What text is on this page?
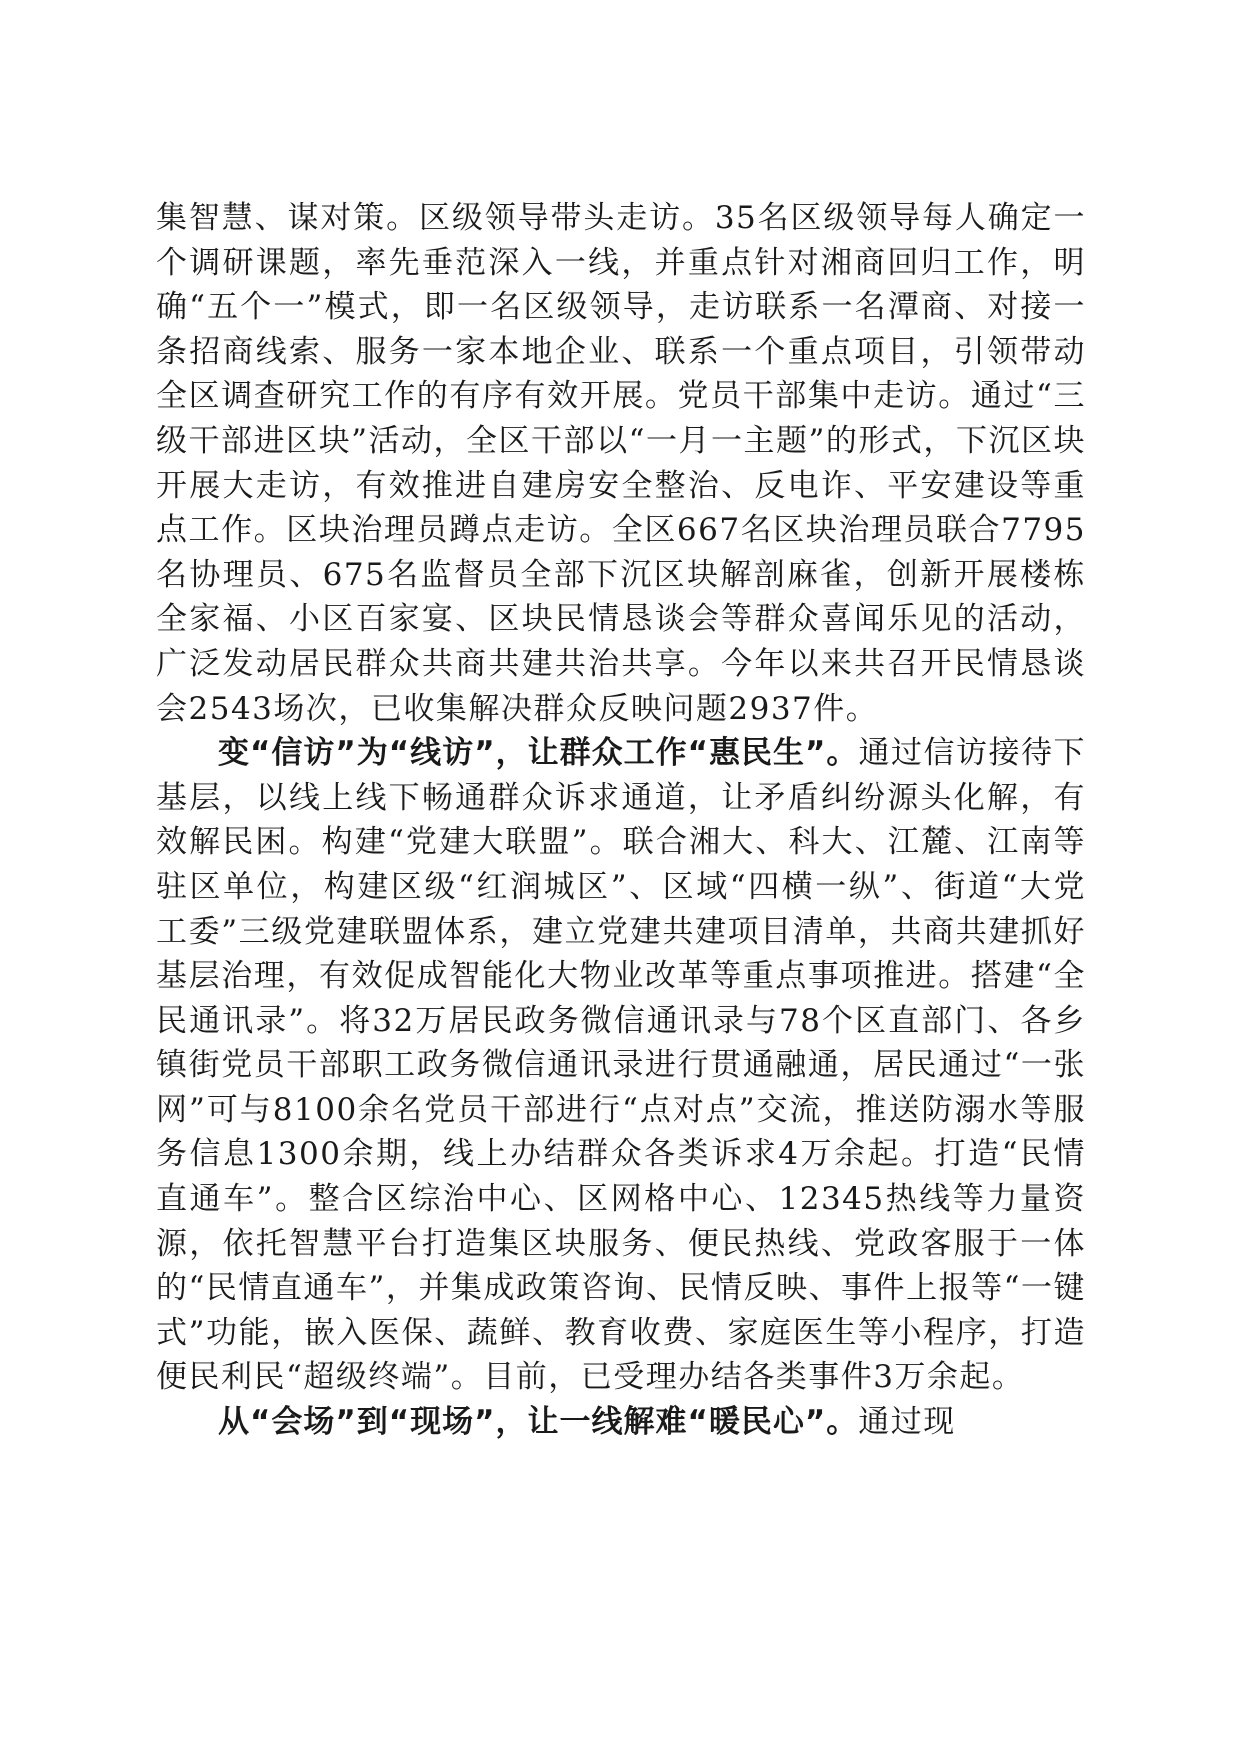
集智慧、谋对策。区级领导带头走访。35名区级领导每人确定一个调研课题，率先垂范深入一线，并重点针对湘商回归工作，明确“五个一”模式，即一名区级领导，走访联系一名潭商、对接一条招商线索、服务一家本地企业、联系一个重点项目，引领带动全区调查研究工作的有序有效开展。党员干部集中走访。通过“三级干部进区块”活动，全区干部以“一月一主题”的形式，下沉区块开展大走访，有效推进自建房安全整治、反电诈、平安建设等重点工作。区块治理员蹲点走访。全区667名区块治理员联合7795名协理员、675名监督员全部下沉区块解剖麻雀，创新开展楼栋全家福、小区百家宴、区块民情恳谈会等群众喜闻乐见的活动，广泛发动居民群众共商共建共治共享。今年以来共召开民情恳谈会2543场次，已收集解决群众反映问题2937件。

变“信访”为“线访”，让群众工作“惠民生”。通过信访接待下基层，以线上线下畅通群众诉求通道，让矛盾纠纷源头化解，有效解民困。构建“党建大联盟”。联合湘大、科大、江麓、江南等驻区单位，构建区级“红润城区”、区域“四横一纵”、街道“大党工委”三级党建联盟体系，建立党建共建项目清单，共商共建抓好基层治理，有效促成智能化大物业改革等重点事项推进。搭建“全民通讯录”。将32万居民政务微信通讯录与78个区直部门、各乡镇街党员干部职工政务微信通讯录进行贯通融通，居民通过“一张网”可与8100余名党员干部进行“点对点”交流，推送防溺水等服务信息1300余期，线上办结群众各类诉求4万余起。打造“民情直通车”。整合区综治中心、区网格中心、12345热线等力量资源，依托智慧平台打造集区块服务、便民热线、党政客服于一体的“民情直通车”，并集成政策咨询、民情反映、事件上报等“一键式”功能，嵌入医保、蔬鲜、教育收费、家庭医生等小程序，打造便民利民“超级终端”。目前，已受理办结各类事件3万余起。

从“会场”到“现场”，让一线解难“暖民心”。通过现
